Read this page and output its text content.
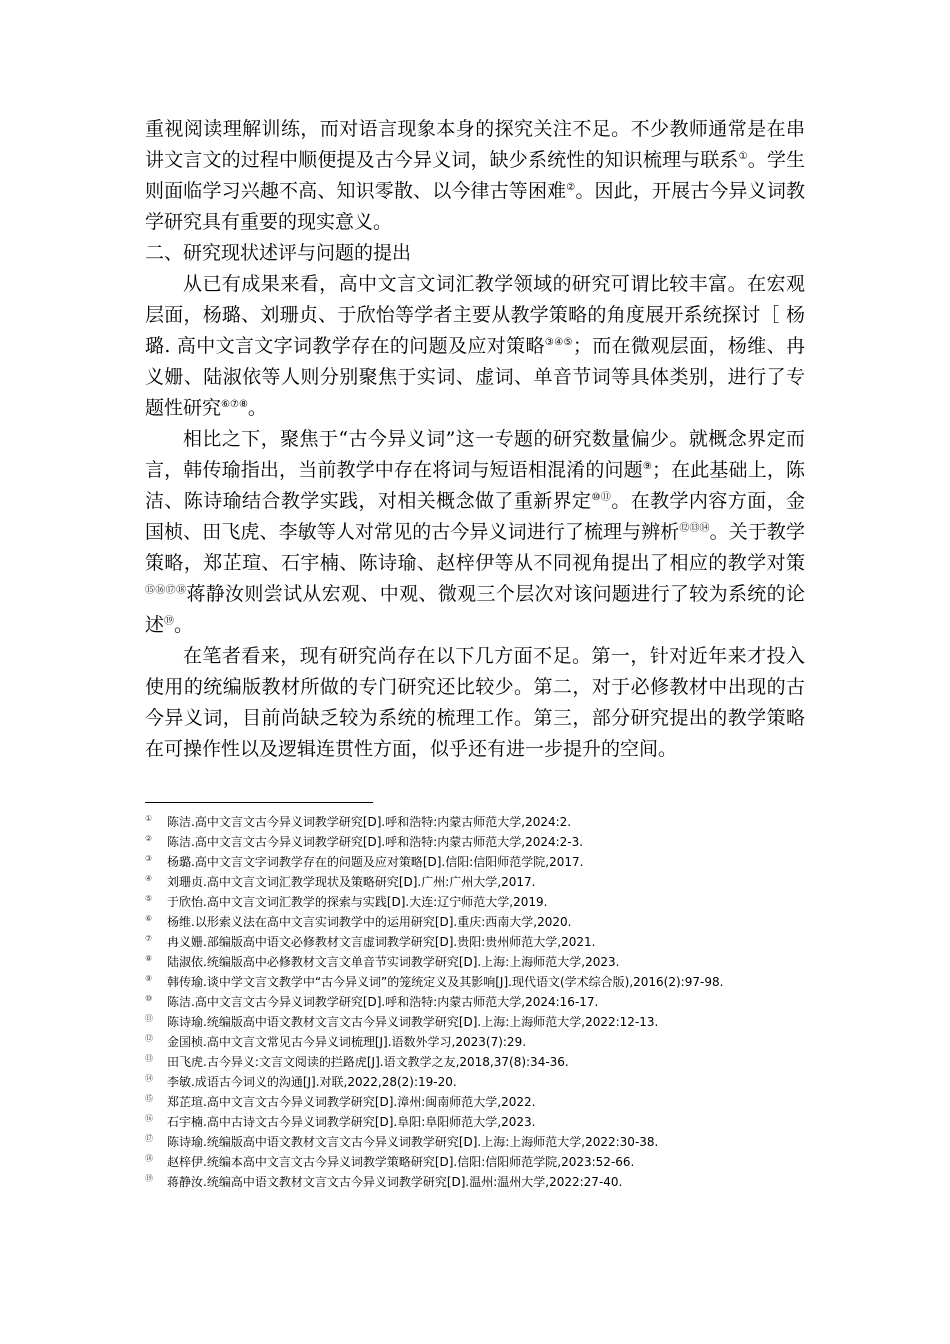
重视阅读理解训练，而对语言现象本身的探究关注不足。不少教师通常是在串讲文言文的过程中顺便提及古今异义词，缺少系统性的知识梳理与联系①。学生则面临学习兴趣不高、知识零散、以今律古等困难②。因此，开展古今异义词教学研究具有重要的现实意义。

二、研究现状述评与问题的提出

从已有成果来看，高中文言文词汇教学领域的研究可谓比较丰富。在宏观层面，杨璐、刘珊贞、于欣怡等学者主要从教学策略的角度展开系统探讨［ 杨璐. 高中文言文字词教学存在的问题及应对策略③④⑤；而在微观层面，杨维、冉义姗、陆淑依等人则分别聚焦于实词、虚词、单音节词等具体类别，进行了专题性研究⑥⑦⑧。

相比之下，聚焦于“古今异义词”这一专题的研究数量偏少。就概念界定而言，韩传瑜指出，当前教学中存在将词与短语相混淆的问题⑨；在此基础上，陈洁、陈诗瑜结合教学实践，对相关概念做了重新界定⑩⑪。在教学内容方面，金国桢、田飞虎、李敏等人对常见的古今异义词进行了梳理与辨析⑫⑬⑭。关于教学策略，郑芷瑄、石宇楠、陈诗瑜、赵梓伊等从不同视角提出了相应的教学对策⑮⑯⑰⑱蒋静汝则尝试从宏观、中观、微观三个层次对该问题进行了较为系统的论述⑲。

在笔者看来，现有研究尚存在以下几方面不足。第一，针对近年来才投入使用的统编版教材所做的专门研究还比较少。第二，对于必修教材中出现的古今异义词，目前尚缺乏较为系统的梳理工作。第三，部分研究提出的教学策略在可操作性以及逻辑连贯性方面，似乎还有进一步提升的空间。

① 陈洁.高中文言文古今异义词教学研究[D].呼和浩特:内蒙古师范大学,2024:2.
② 陈洁.高中文言文古今异义词教学研究[D].呼和浩特:内蒙古师范大学,2024:2-3.
③ 杨璐.高中文言文字词教学存在的问题及应对策略[D].信阳:信阳师范学院,2017.
④ 刘珊贞.高中文言文词汇教学现状及策略研究[D].广州:广州大学,2017.
⑤ 于欣怡.高中文言文词汇教学的探索与实践[D].大连:辽宁师范大学,2019.
⑥ 杨维.以形索义法在高中文言实词教学中的运用研究[D].重庆:西南大学,2020.
⑦ 冉义姗.部编版高中语文必修教材文言虚词教学研究[D].贵阳:贵州师范大学,2021.
⑧ 陆淑依.统编版高中必修教材文言文单音节实词教学研究[D].上海:上海师范大学,2023.
⑨ 韩传瑜.谈中学文言文教学中“古今异义词”的笼统定义及其影响[J].现代语文(学术综合版),2016(2):97-98.
⑩ 陈洁.高中文言文古今异义词教学研究[D].呼和浩特:内蒙古师范大学,2024:16-17.
⑪ 陈诗瑜.统编版高中语文教材文言文古今异义词教学研究[D].上海:上海师范大学,2022:12-13.
⑫ 金国桢.高中文言文常见古今异义词梳理[J].语数外学习,2023(7):29.
⑬ 田飞虎.古今异义:文言文阅读的拦路虎[J].语文教学之友,2018,37(8):34-36.
⑭ 李敏.成语古今词义的沟通[J].对联,2022,28(2):19-20.
⑮ 郑芷瑄.高中文言文古今异义词教学研究[D].漳州:闽南师范大学,2022.
⑯ 石宇楠.高中古诗文古今异义词教学研究[D].阜阳:阜阳师范大学,2023.
⑰ 陈诗瑜.统编版高中语文教材文言文古今异义词教学研究[D].上海:上海师范大学,2022:30-38.
⑱ 赵梓伊.统编本高中文言文古今异义词教学策略研究[D].信阳:信阳师范学院,2023:52-66.
⑲ 蒋静汝.统编高中语文教材文言文古今异义词教学研究[D].温州:温州大学,2022:27-40.
